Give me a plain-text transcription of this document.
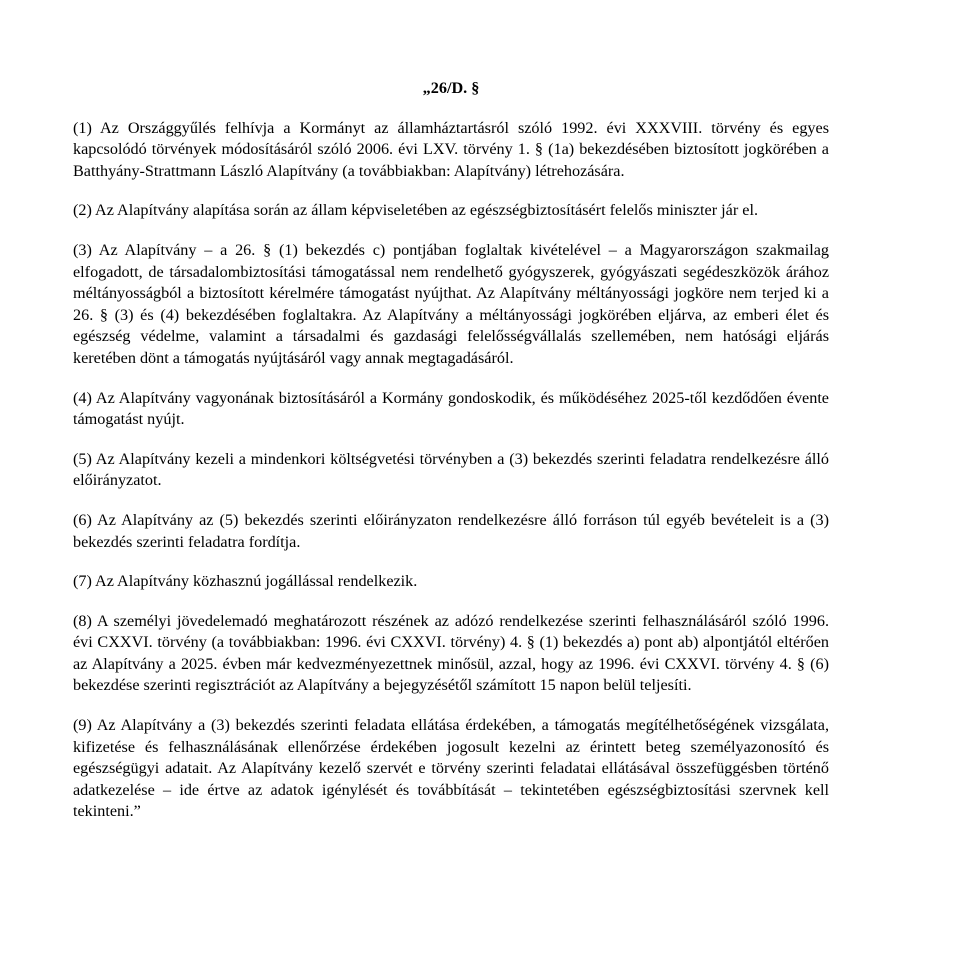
„26/D. §

(1) Az Országgyűlés felhívja a Kormányt az államháztartásról szóló 1992. évi XXXVIII. törvény és egyes kapcsolódó törvények módosításáról szóló 2006. évi LXV. törvény 1. § (1a) bekezdésében biztosított jogkörében a Batthyány-Strattmann László Alapítvány (a továbbiakban: Alapítvány) létrehozására.

(2) Az Alapítvány alapítása során az állam képviseletében az egészségbiztosításért felelős miniszter jár el.

(3) Az Alapítvány – a 26. § (1) bekezdés c) pontjában foglaltak kivételével – a Magyarországon szakmailag elfogadott, de társadalombiztosítási támogatással nem rendelhető gyógyszerek, gyógyászati segédeszközök árához méltányosságból a biztosított kérelmére támogatást nyújthat. Az Alapítvány méltányossági jogköre nem terjed ki a 26. § (3) és (4) bekezdésében foglaltakra. Az Alapítvány a méltányossági jogkörében eljárva, az emberi élet és egészség védelme, valamint a társadalmi és gazdasági felelősségvállalás szellemében, nem hatósági eljárás keretében dönt a támogatás nyújtásáról vagy annak megtagadásáról.

(4) Az Alapítvány vagyonának biztosításáról a Kormány gondoskodik, és működéséhez 2025-től kezdődően évente támogatást nyújt.

(5) Az Alapítvány kezeli a mindenkori költségvetési törvényben a (3) bekezdés szerinti feladatra rendelkezésre álló előirányzatot.

(6) Az Alapítvány az (5) bekezdés szerinti előirányzaton rendelkezésre álló forráson túl egyéb bevételeit is a (3) bekezdés szerinti feladatra fordítja.

(7) Az Alapítvány közhasznú jogállással rendelkezik.

(8) A személyi jövedelemadó meghatározott részének az adózó rendelkezése szerinti felhasználásáról szóló 1996. évi CXXVI. törvény (a továbbiakban: 1996. évi CXXVI. törvény) 4. § (1) bekezdés a) pont ab) alpontjától eltérően az Alapítvány a 2025. évben már kedvezményezettnek minősül, azzal, hogy az 1996. évi CXXVI. törvény 4. § (6) bekezdése szerinti regisztrációt az Alapítvány a bejegyzésétől számított 15 napon belül teljesíti.

(9) Az Alapítvány a (3) bekezdés szerinti feladata ellátása érdekében, a támogatás megítélhetőségének vizsgálata, kifizetése és felhasználásának ellenőrzése érdekében jogosult kezelni az érintett beteg személyazonosító és egészségügyi adatait. Az Alapítvány kezelő szervét e törvény szerinti feladatai ellátásával összefüggésben történő adatkezelése – ide értve az adatok igénylését és továbbítását – tekintetében egészségbiztosítási szervnek kell tekinteni.”
